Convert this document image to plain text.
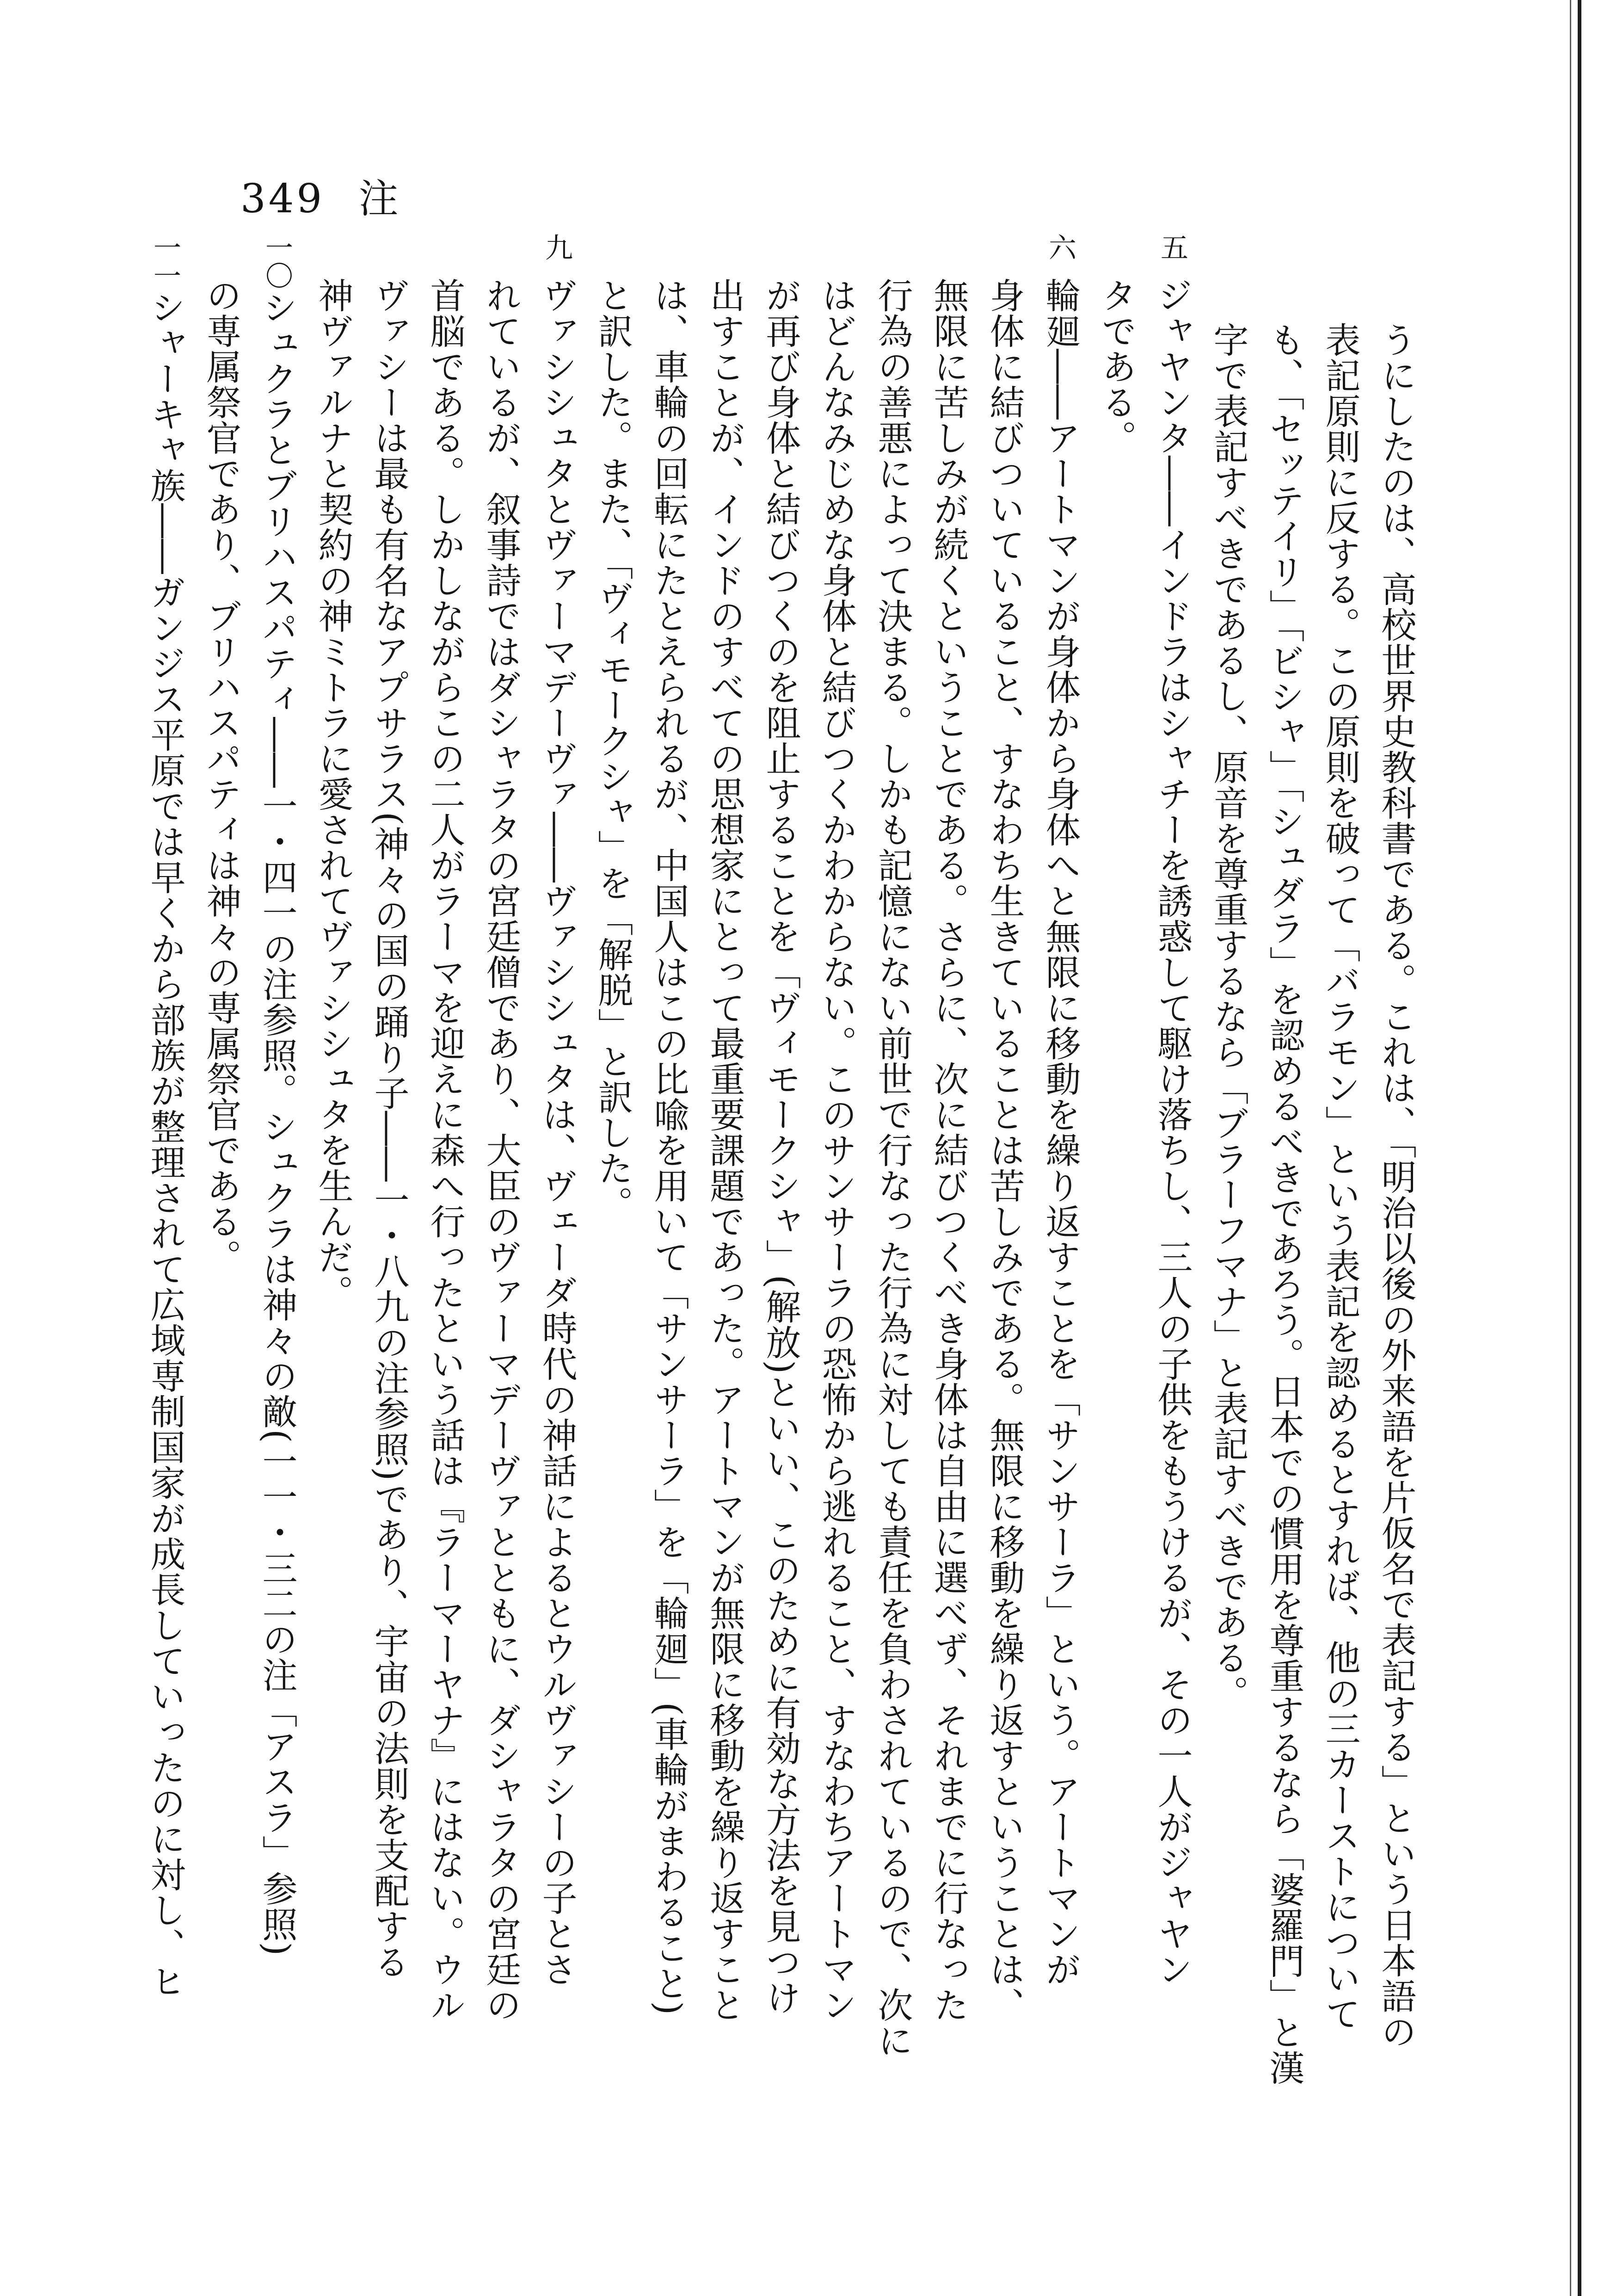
349 注
うにしたのは、高校世界史教科書である。これは、「明治以後の外来語を片仮名で表記する」という日本語の
表記原則に反する。この原則を破って「バラモン」という表記を認めるとすれば、他の三カーストについて
も、「セッテイリ」「ビシャ」「シュダラ」を認めるべきであろう。日本での慣用を尊重するなら「婆羅門」と漢
字で表記すべきであるし、原音を尊重するなら「ブラーフマナ」と表記すべきである。
五ジャヤンタ――インドラはシャチーを誘惑して駆け落ちし、三人の子供をもうけるが、その一人がジャヤン
タである。
六輪廻――アートマンが身体から身体へと無限に移動を繰り返すことを「サンサーラ」という。アートマンが
身体に結びついていること、すなわち生きていることは苦しみである。無限に移動を繰り返すということは、
無限に苦しみが続くということである。さらに、次に結びつくべき身体は自由に選べず、それまでに行なった
行為の善悪によって決まる。しかも記憶にない前世で行なった行為に対しても責任を負わされているので、次に
はどんなみじめな身体と結びつくかわからない。このサンサーラの恐怖から逃れること、すなわちアートマン
が再び身体と結びつくのを阻止することを「ヴィモークシャ」(解放)といい、このために有効な方法を見つけ
出すことが、インドのすべての思想家にとって最重要課題であった。アートマンが無限に移動を繰り返すこと
は、車輪の回転にたとえられるが、中国人はこの比喩を用いて「サンサーラ」を「輪廻」(車輪がまわること)
と訳した。また、「ヴィモークシャ」を「解脱」と訳した。
九ヴァシシュタとヴァーマデーヴァ――ヴァシシュタは、ヴェーダ時代の神話によるとウルヴァシーの子とさ
れているが、叙事詩ではダシャラタの宮廷僧であり、大臣のヴァーマデーヴァとともに、ダシャラタの宮廷の
首脳である。しかしながらこの二人がラーマを迎えに森へ行ったという話は『ラーマーヤナ』にはない。ウル
ヴァシーは最も有名なアプサラス(神々の国の踊り子――一・八九の注参照)であり、宇宙の法則を支配する
神ヴァルナと契約の神ミトラに愛されてヴァシシュタを生んだ。
一〇シュクラとブリハスパティ――一・四一の注参照。シュクラは神々の敵(一一・三二の注「アスラ」参照)
の専属祭官であり、ブリハスパティは神々の専属祭官である。
一一シャーキャ族――ガンジス平原では早くから部族が整理されて広域専制国家が成長していったのに対し、ヒ
